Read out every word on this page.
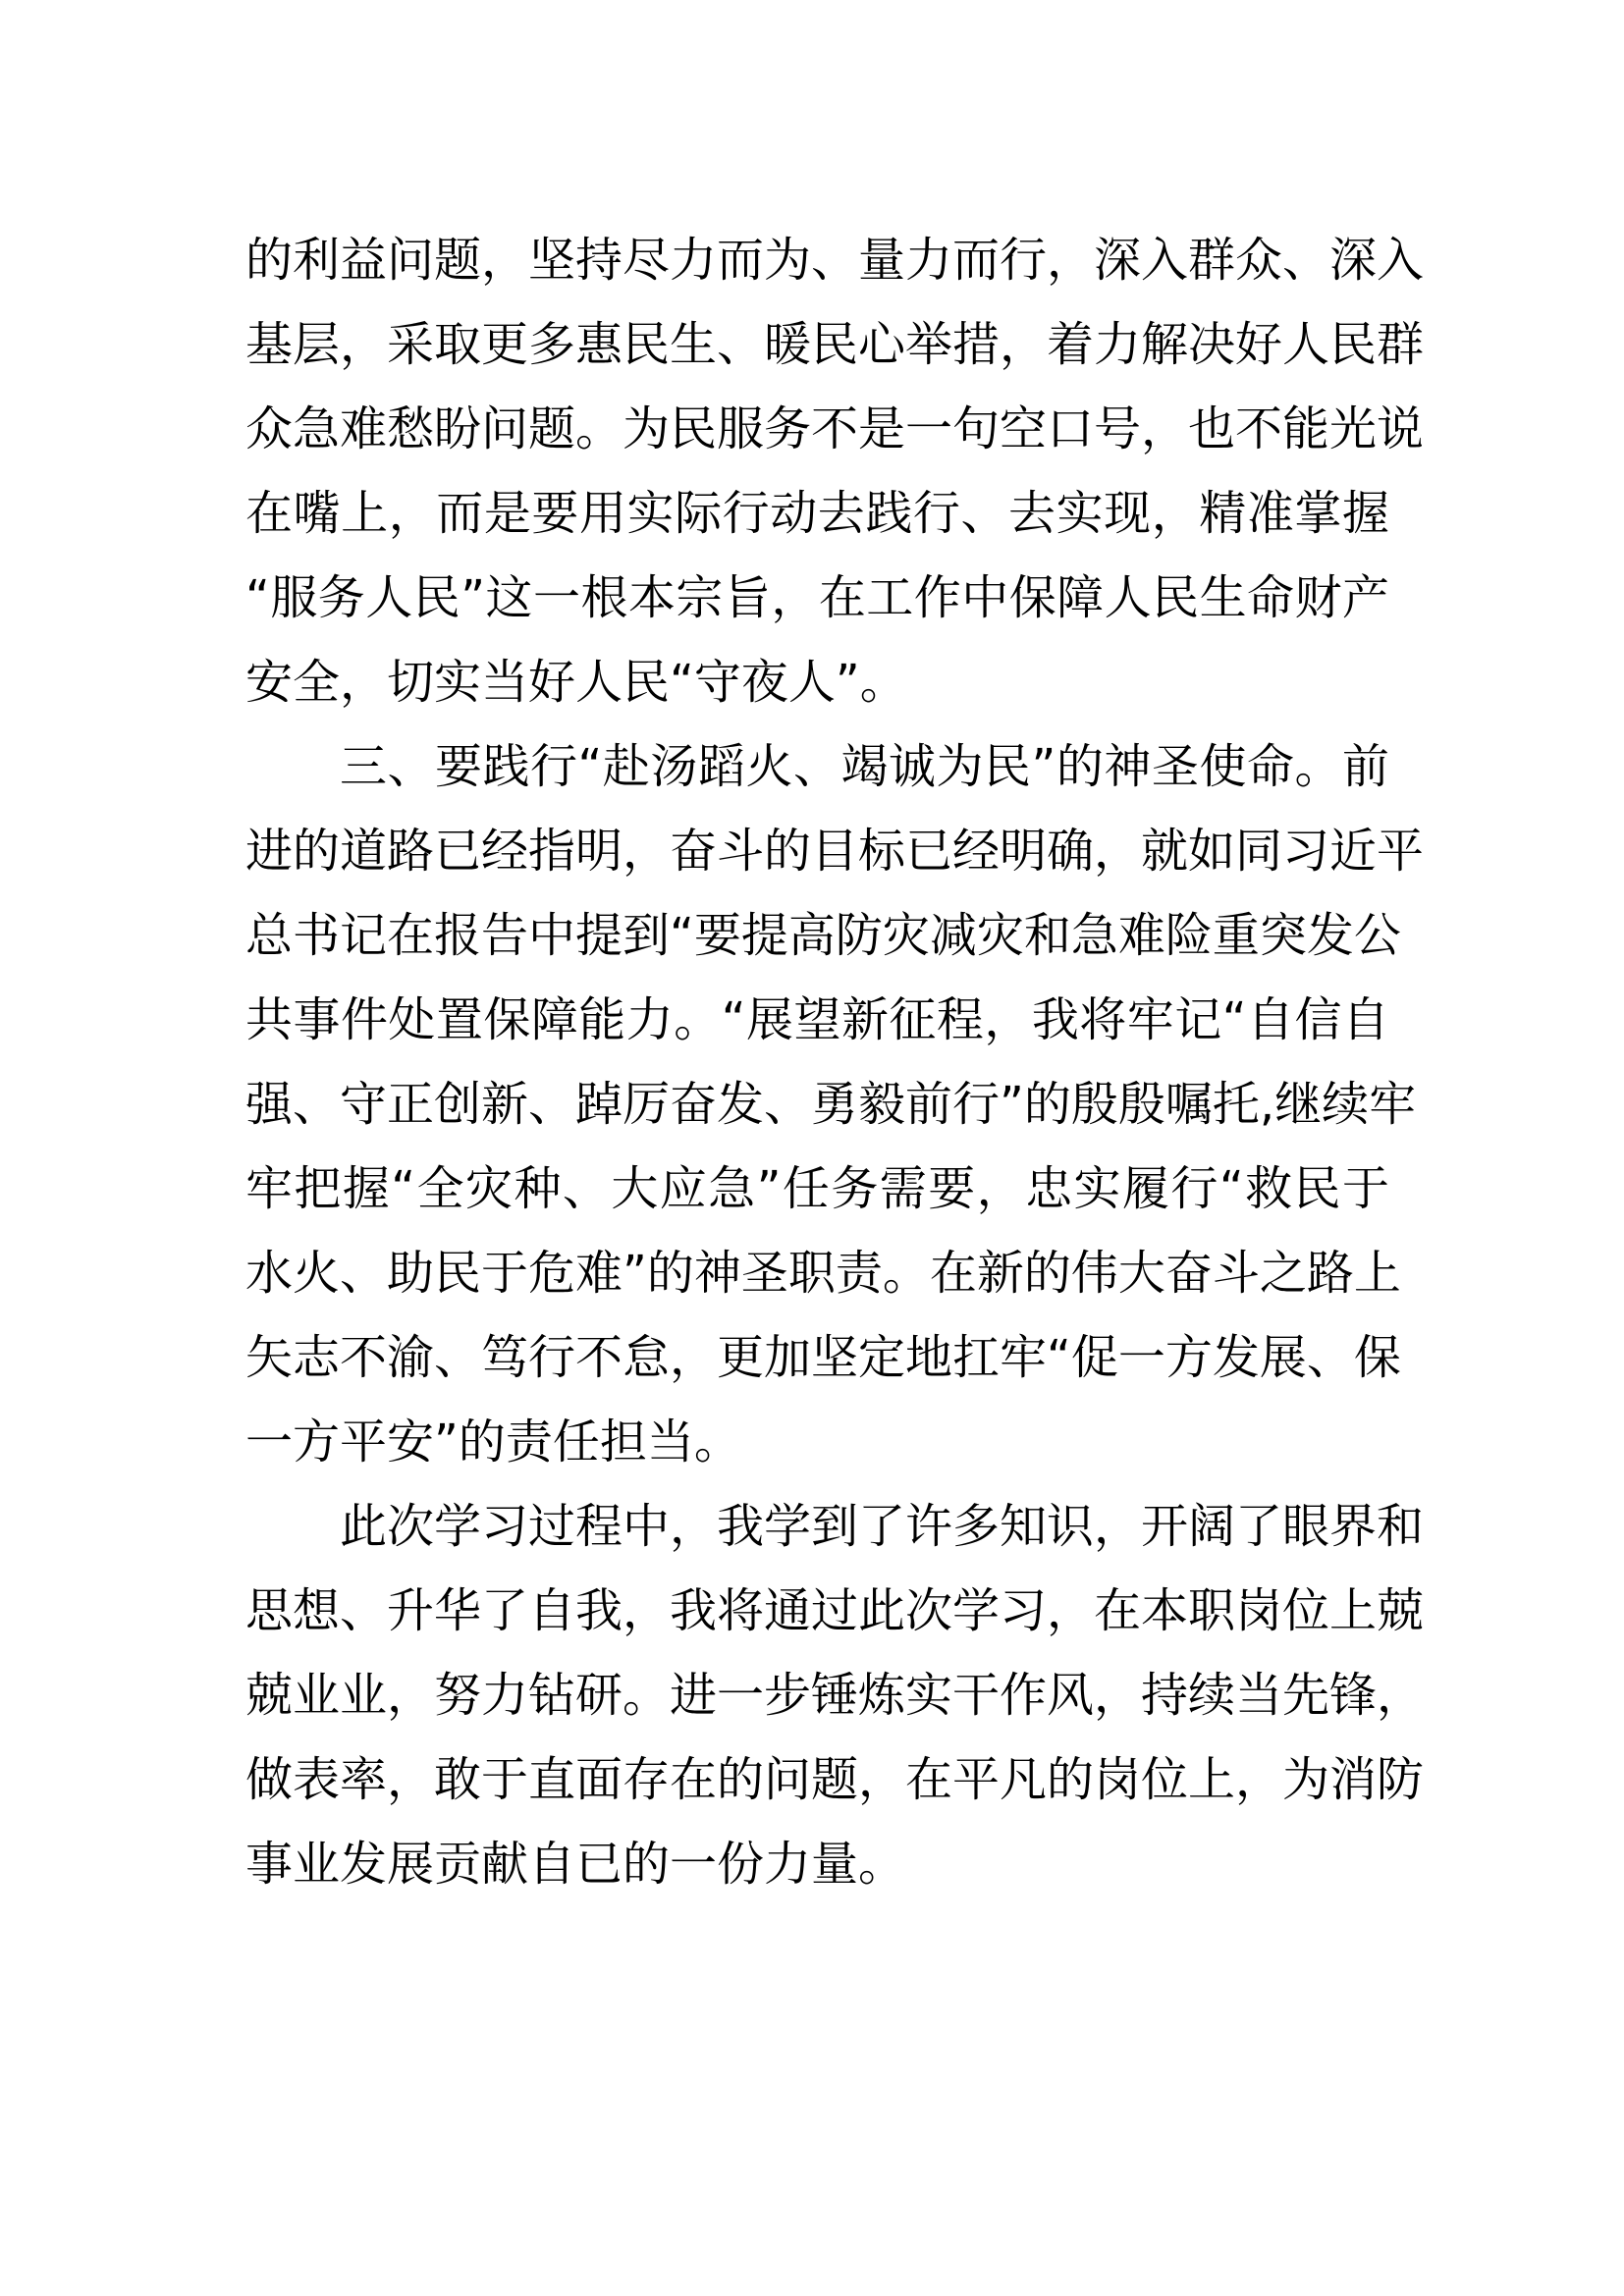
的利益问题，坚持尽力而为、量力而行，深入群众、深入
基层，采取更多惠民生、暖民心举措，着力解决好人民群
众急难愁盼问题。为民服务不是一句空口号，也不能光说
在嘴上，而是要用实际行动去践行、去实现，精准掌握
“服务人民”这一根本宗旨，在工作中保障人民生命财产
安全，切实当好人民“守夜人”。
三、要践行“赴汤蹈火、竭诚为民”的神圣使命。前
进的道路已经指明，奋斗的目标已经明确，就如同习近平
总书记在报告中提到“要提高防灾减灾和急难险重突发公
共事件处置保障能力。“展望新征程，我将牢记“自信自
强、守正创新、踔厉奋发、勇毅前行”的殷殷嘱托,继续牢
牢把握“全灾种、大应急”任务需要，忠实履行“救民于
水火、助民于危难”的神圣职责。在新的伟大奋斗之路上
矢志不渝、笃行不怠，更加坚定地扛牢“促一方发展、保
一方平安”的责任担当。
此次学习过程中，我学到了许多知识，开阔了眼界和
思想、升华了自我，我将通过此次学习，在本职岗位上兢
兢业业，努力钻研。进一步锤炼实干作风，持续当先锋，
做表率，敢于直面存在的问题，在平凡的岗位上，为消防
事业发展贡献自已的一份力量。
